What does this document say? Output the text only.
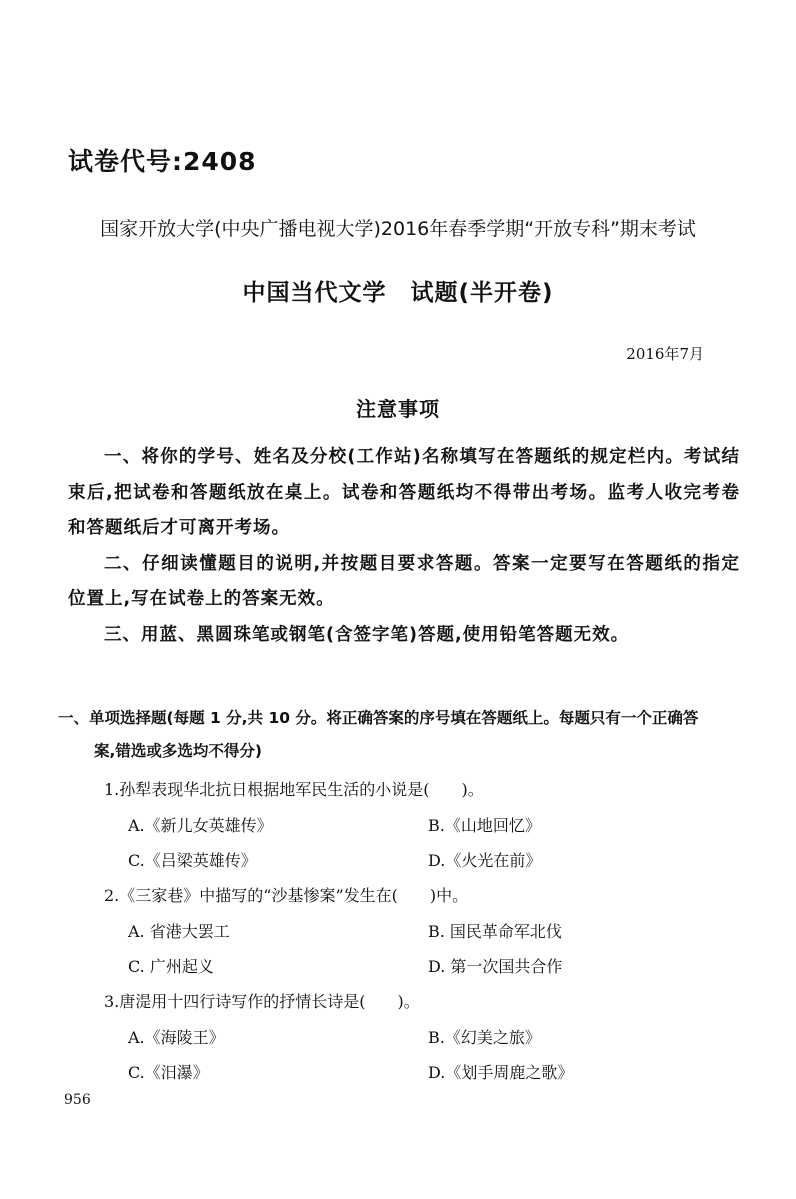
试卷代号:2408
国家开放大学(中央广播电视大学)2016年春季学期“开放专科”期末考试
中国当代文学　试题(半开卷)
2016年7月
注意事项

一、将你的学号、姓名及分校(工作站)名称填写在答题纸的规定栏内。考试结束后,把试卷和答题纸放在桌上。试卷和答题纸均不得带出考场。监考人收完考卷和答题纸后才可离开考场。

二、仔细读懂题目的说明,并按题目要求答题。答案一定要写在答题纸的指定位置上,写在试卷上的答案无效。

三、用蓝、黑圆珠笔或钢笔(含签字笔)答题,使用铅笔答题无效。

一、单项选择题(每题 1 分,共 10 分。将正确答案的序号填在答题纸上。每题只有一个正确答
案,错选或多选均不得分)
1.孙犁表现华北抗日根据地军民生活的小说是(　　)。
A.《新儿女英雄传》	B.《山地回忆》
C.《吕梁英雄传》	D.《火光在前》
2.《三家巷》中描写的“沙基惨案”发生在(　　)中。
A. 省港大罢工	B. 国民革命军北伐
C. 广州起义	D. 第一次国共合作
3.唐湜用十四行诗写作的抒情长诗是(　　)。
A.《海陵王》	B.《幻美之旅》
C.《汨瀑》	D.《划手周鹿之歌》
956
